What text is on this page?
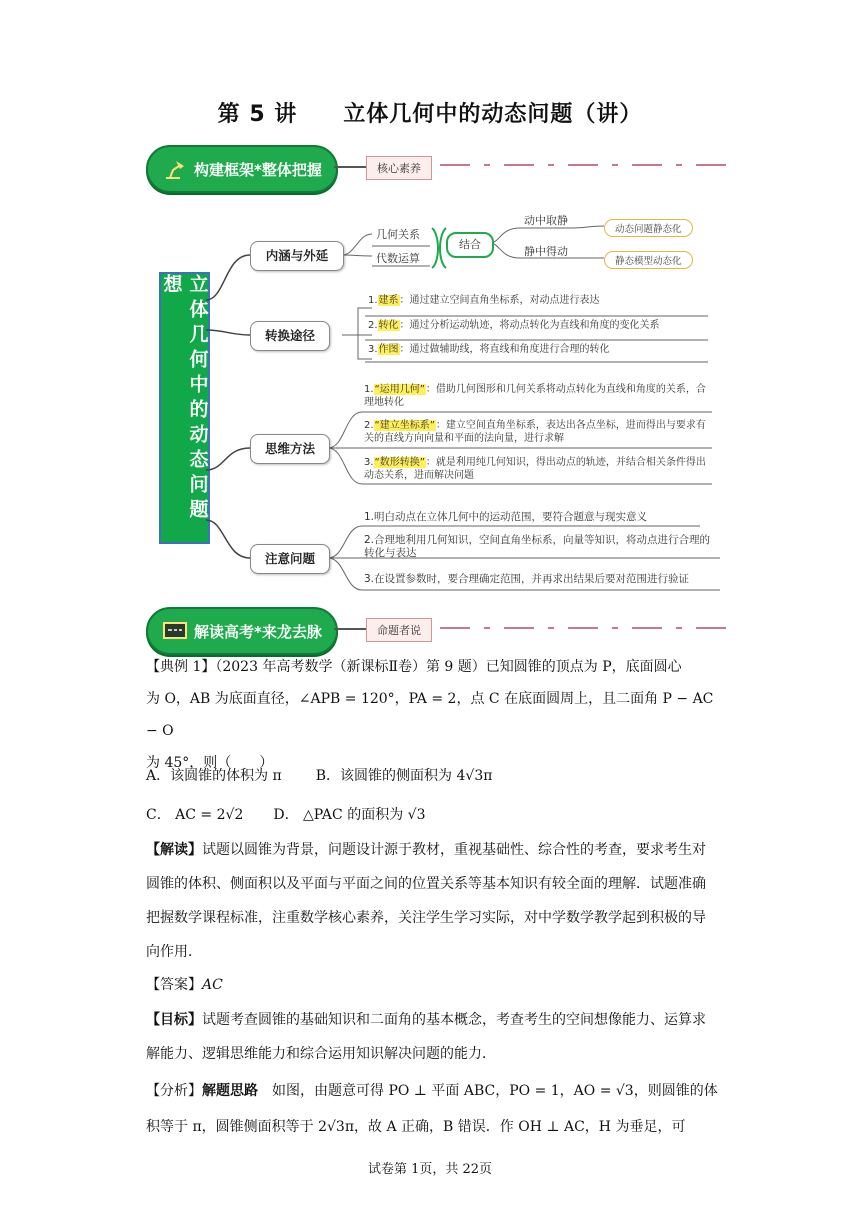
第 5 讲 立体几何中的动态问题（讲）
构建框架*整体把握	核心素养
立体几何中的动态问题想
内涵与外延
转换途径
思维方法
注意问题
几何关系
代数运算
结合
动中取静
静中得动
动态问题静态化
静态模型动态化
1.建系：通过建立空间直角坐标系，对动点进行表达
2.转化：通过分析运动轨迹，将动点转化为直线和角度的变化关系
3.作图：通过做辅助线，将直线和角度进行合理的转化
1.“运用几何”：借助几何图形和几何关系将动点转化为直线和角度的关系，合理地转化
2.“建立坐标系”：建立空间直角坐标系，表达出各点坐标，进而得出与要求有关的直线方向向量和平面的法向量，进行求解
3.“数形转换”：就是利用纯几何知识，得出动点的轨迹，并结合相关条件得出动态关系，进而解决问题
1.明白动点在立体几何中的运动范围，要符合题意与现实意义
2.合理地利用几何知识，空间直角坐标系，向量等知识，将动点进行合理的转化与表达
3.在设置参数时，要合理确定范围，并再求出结果后要对范围进行验证
解读高考*来龙去脉	命题者说
【典例 1】（2023 年高考数学（新课标Ⅱ卷）第 9 题）已知圆锥的顶点为 P，底面圆心
为 O，AB 为底面直径，∠APB = 120°，PA = 2，点 C 在底面圆周上，且二面角 P − AC − O
为 45°，则（　　）
A．该圆锥的体积为 π B．该圆锥的侧面积为 4√3π
C． AC = 2√2 D． △PAC 的面积为 √3
【解读】试题以圆锥为背景，问题设计源于教材，重视基础性、综合性的考查，要求考生对圆锥的体积、侧面积以及平面与平面之间的位置关系等基本知识有较全面的理解．试题准确把握数学课程标准，注重数学核心素养，关注学生学习实际，对中学数学教学起到积极的导向作用．
【答案】AC
【目标】试题考查圆锥的基础知识和二面角的基本概念，考查考生的空间想像能力、运算求解能力、逻辑思维能力和综合运用知识解决问题的能力．
【分析】解题思路　如图，由题意可得 PO ⊥ 平面 ABC，PO = 1，AO = √3，则圆锥的体积等于 π，圆锥侧面积等于 2√3π，故 A 正确，B 错误．作 OH ⊥ AC，H 为垂足，可
试卷第 1页，共 22页
